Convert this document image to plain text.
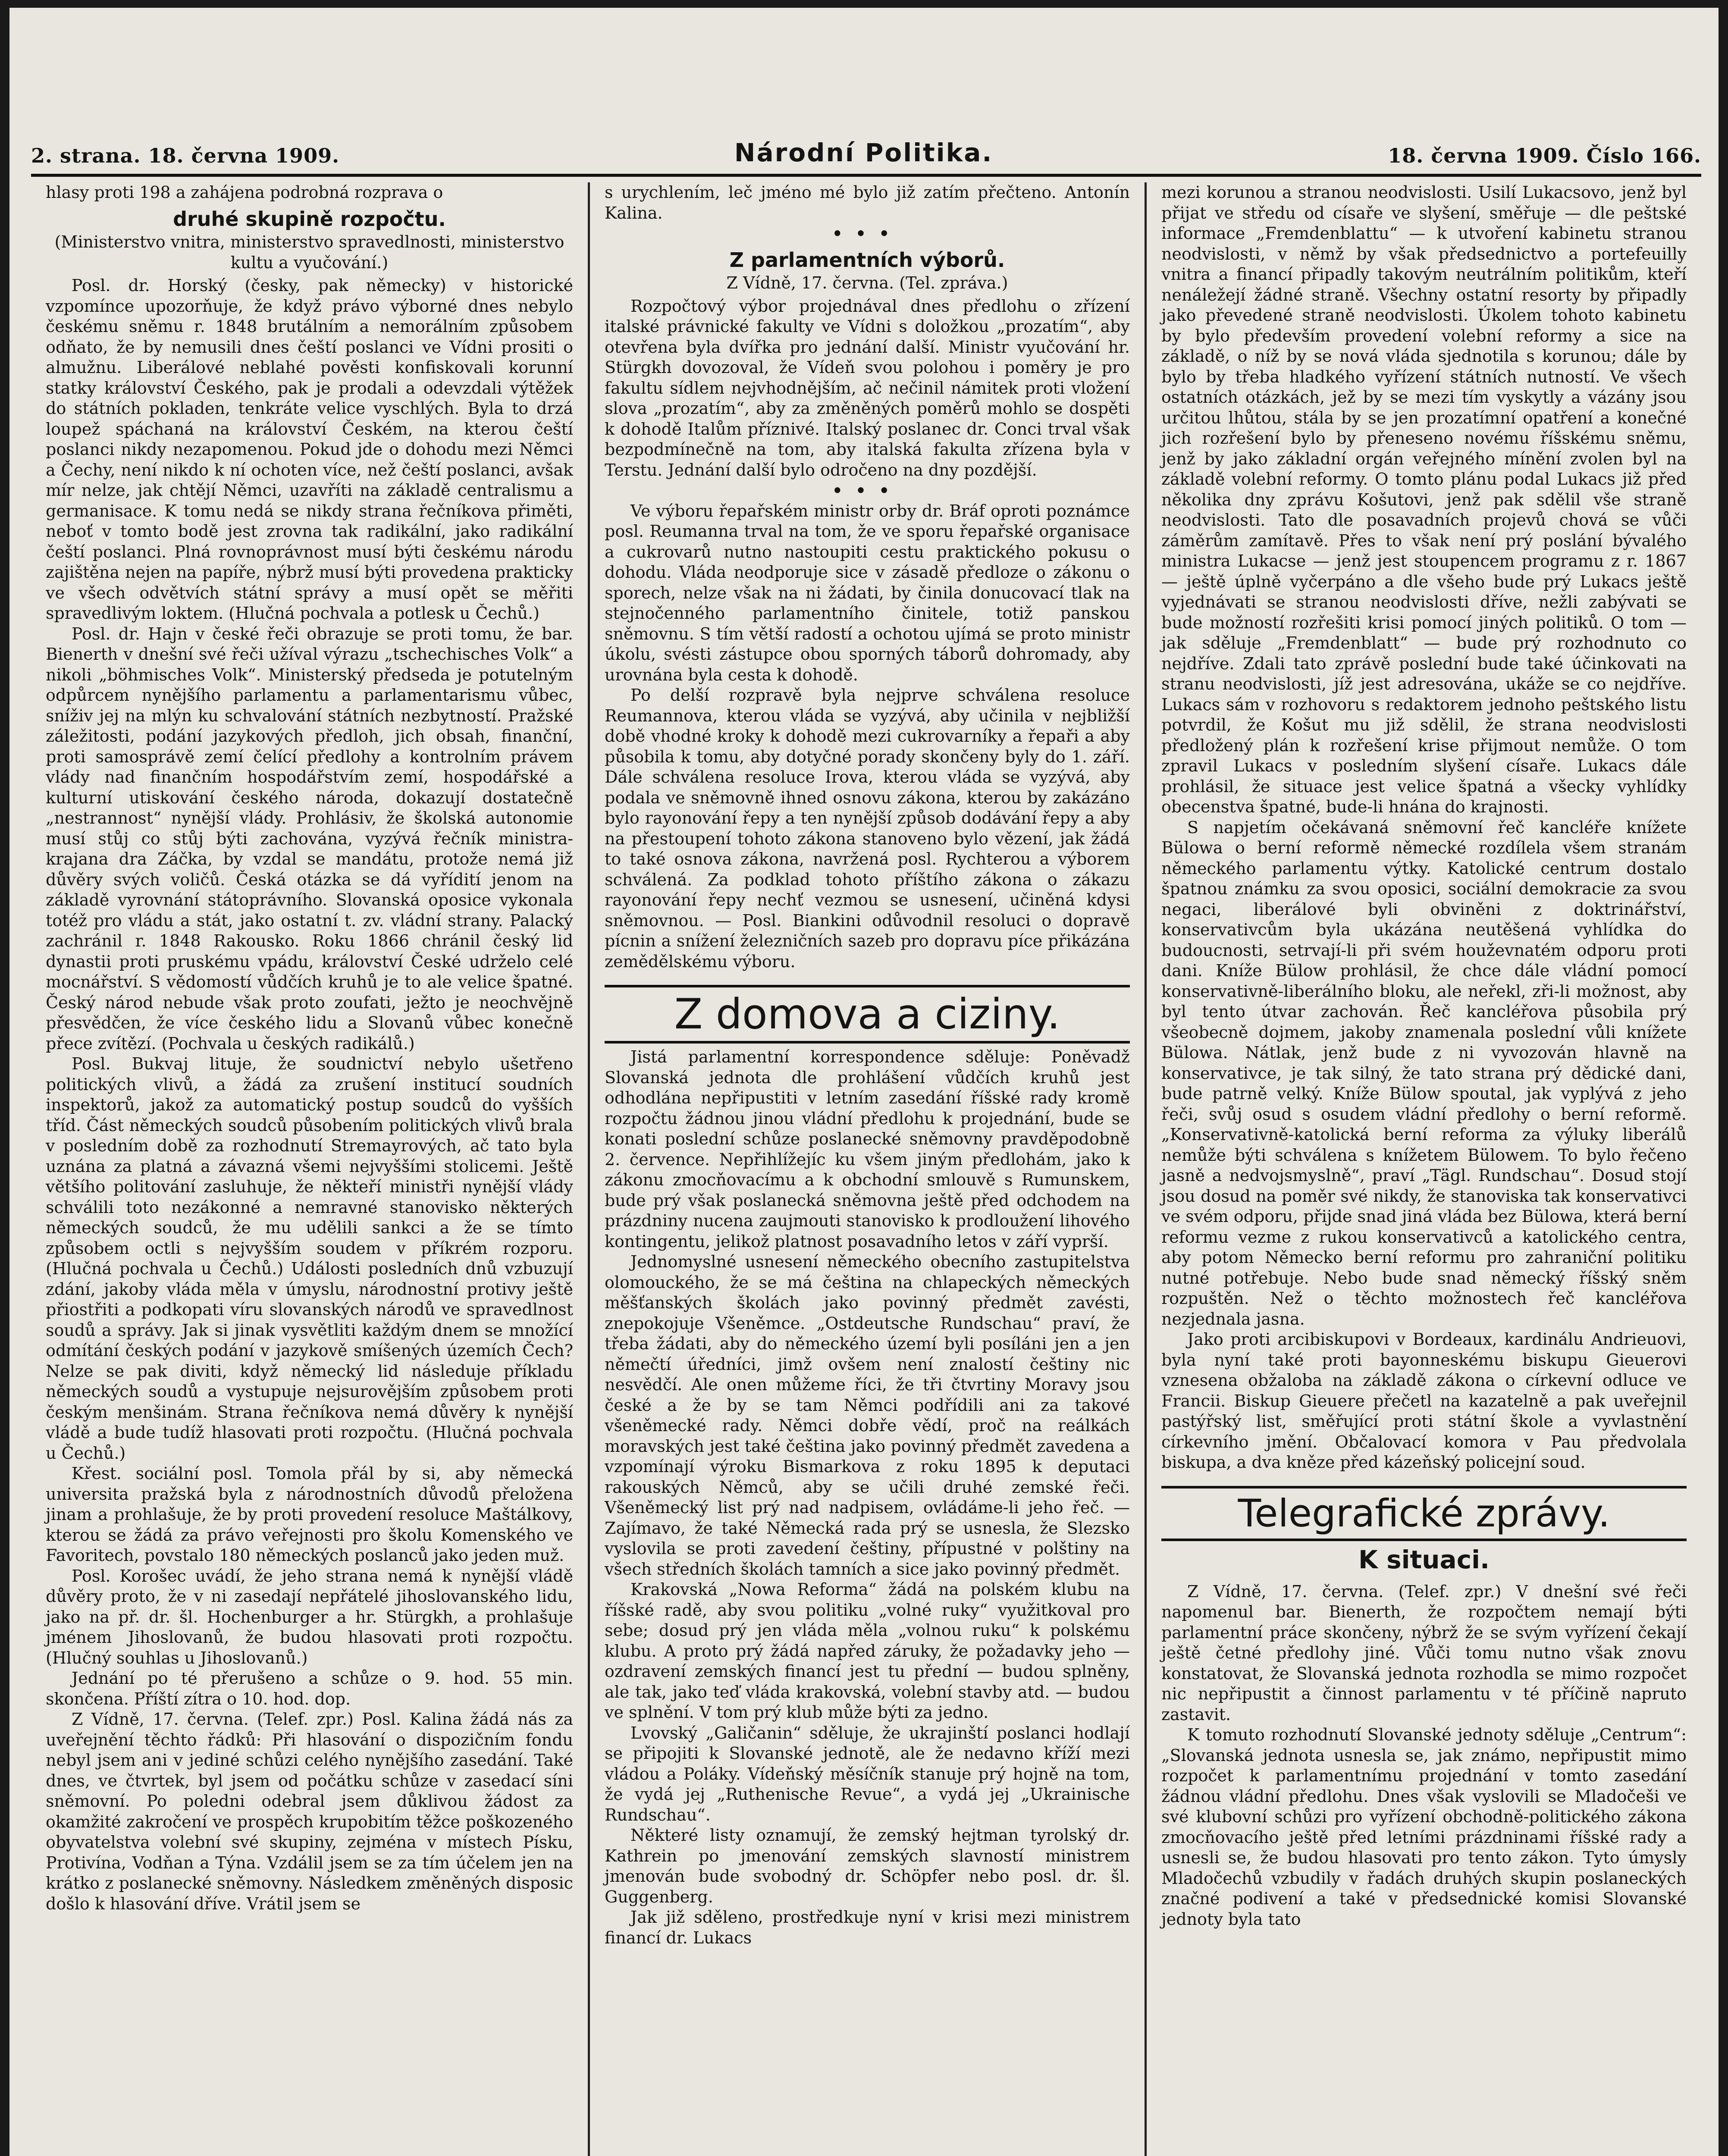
2. strana. 18. června 1909.	Národní Politika.	18. června 1909. Číslo 166.

hlasy proti 198 a zahájena podrobná rozprava o

druhé skupině rozpočtu.

(Ministerstvo vnitra, ministerstvo spravedlnosti, ministerstvo kultu a vyučování.)

Posl. dr. Horský (česky, pak německy) v historické vzpomínce upozorňuje, že když právo výborné dnes nebylo českému sněmu r. 1848 brutálním a nemorálním způsobem odňato, že by nemusili dnes čeští poslanci ve Vídni prositi o almužnu. Liberálové neblahé pověsti konfiskovali korunní statky království Českého, pak je prodali a odevzdali výtěžek do státních pokladen, tenkráte velice vyschlých. Byla to drzá loupež spáchaná na království Českém, na kterou čeští poslanci nikdy nezapomenou. Pokud jde o dohodu mezi Němci a Čechy, není nikdo k ní ochoten více, než čeští poslanci, avšak mír nelze, jak chtějí Němci, uzavříti na základě centralismu a germanisace. K tomu nedá se nikdy strana řečníkova přiměti, neboť v tomto bodě jest zrovna tak radikální, jako radikální čeští poslanci. Plná rovnoprávnost musí býti českému národu zajištěna nejen na papíře, nýbrž musí býti provedena prakticky ve všech odvětvích státní správy a musí opět se měřiti spravedlivým loktem. (Hlučná pochvala a potlesk u Čechů.)

Posl. dr. Hajn v české řeči obrazuje se proti tomu, že bar. Bienerth v dnešní své řeči užíval výrazu „tschechisches Volk“ a nikoli „böhmisches Volk“. Ministerský předseda je potutelným odpůrcem nynějšího parlamentu a parlamentarismu vůbec, sníživ jej na mlýn ku schvalování státních nezbytností. Pražské záležitosti, podání jazykových předloh, jich obsah, finanční, proti samosprávě zemí čelící předlohy a kontrolním právem vlády nad finančním hospodářstvím zemí, hospodářské a kulturní utiskování českého národa, dokazují dostatečně „nestrannost“ nynější vlády. Prohlásiv, že školská autonomie musí stůj co stůj býti zachována, vyzývá řečník ministra-krajana dra Záčka, by vzdal se mandátu, protože nemá již důvěry svých voličů. Česká otázka se dá vyřídití jenom na základě vyrovnání státoprávního. Slovanská oposice vykonala totéž pro vládu a stát, jako ostatní t. zv. vládní strany. Palacký zachránil r. 1848 Rakousko. Roku 1866 chránil český lid dynastii proti pruskému vpádu, království České udrželo celé mocnářství. S vědomostí vůdčích kruhů je to ale velice špatné. Český národ nebude však proto zoufati, ježto je neochvějně přesvědčen, že více českého lidu a Slovanů vůbec konečně přece zvítězí. (Pochvala u českých radikálů.)

Posl. Bukvaj lituje, že soudnictví nebylo ušetřeno politických vlivů, a žádá za zrušení institucí soudních inspektorů, jakož za automatický postup soudců do vyšších tříd. Část německých soudců působením politických vlivů brala v posledním době za rozhodnutí Stremayrových, ač tato byla uznána za platná a závazná všemi nejvyššími stolicemi. Ještě většího politování zasluhuje, že někteří ministři nynější vlády schválili toto nezákonné a nemravné stanovisko některých německých soudců, že mu udělili sankci a že se tímto způsobem octli s nejvyšším soudem v příkrém rozporu. (Hlučná pochvala u Čechů.) Události posledních dnů vzbuzují zdání, jakoby vláda měla v úmyslu, národnostní protivy ještě přiostřiti a podkopati víru slovanských národů ve spravedlnost soudů a správy. Jak si jinak vysvětliti každým dnem se množící odmítání českých podání v jazykově smíšených územích Čech? Nelze se pak diviti, když německý lid následuje příkladu německých soudů a vystupuje nejsurovějším způsobem proti českým menšinám. Strana řečníkova nemá důvěry k nynější vládě a bude tudíž hlasovati proti rozpočtu. (Hlučná pochvala u Čechů.)

Křest. sociální posl. Tomola přál by si, aby německá universita pražská byla z národnostních důvodů přeložena jinam a prohlašuje, že by proti provedení resoluce Maštálkovy, kterou se žádá za právo veřejnosti pro školu Komenského ve Favoritech, povstalo 180 německých poslanců jako jeden muž.

Posl. Korošec uvádí, že jeho strana nemá k nynější vládě důvěry proto, že v ni zasedají nepřátelé jihoslovanského lidu, jako na př. dr. šl. Hochenburger a hr. Stürgkh, a prohlašuje jménem Jihoslovanů, že budou hlasovati proti rozpočtu. (Hlučný souhlas u Jihoslovanů.)

Jednání po té přerušeno a schůze o 9. hod. 55 min. skončena. Příští zítra o 10. hod. dop.

Z Vídně, 17. června. (Telef. zpr.) Posl. Kalina žádá nás za uveřejnění těchto řádků: Při hlasování o dispozičním fondu nebyl jsem ani v jediné schůzi celého nynějšího zasedání. Také dnes, ve čtvrtek, byl jsem od počátku schůze v zasedací síni sněmovní. Po poledni odebral jsem důklivou žádost za okamžité zakročení ve prospěch krupobitím těžce poškozeného obyvatelstva volební své skupiny, zejména v místech Písku, Protivína, Vodňan a Týna. Vzdálil jsem se za tím účelem jen na krátko z poslanecké sněmovny. Následkem změněných disposic došlo k hlasování dříve. Vrátil jsem se

s urychlením, leč jméno mé bylo již zatím přečteno. Antonín Kalina.

•••
Z parlamentních výborů.

Z Vídně, 17. června. (Tel. zpráva.)

Rozpočtový výbor projednával dnes předlohu o zřízení italské právnické fakulty ve Vídni s doložkou „prozatím“, aby otevřena byla dvířka pro jednání další. Ministr vyučování hr. Stürgkh dovozoval, že Vídeň svou polohou i poměry je pro fakultu sídlem nejvhodnějším, ač nečinil námitek proti vložení slova „prozatím“, aby za změněných poměrů mohlo se dospěti k dohodě Italům příznivé. Italský poslanec dr. Conci trval však bezpodmínečně na tom, aby italská fakulta zřízena byla v Terstu. Jednání další bylo odročeno na dny pozdější.

•••

Ve výboru řepařském ministr orby dr. Bráf oproti poznámce posl. Reumanna trval na tom, že ve sporu řepařské organisace a cukrovarů nutno nastoupiti cestu praktického pokusu o dohodu. Vláda neodporuje sice v zásadě předloze o zákonu o sporech, nelze však na ni žádati, by činila donucovací tlak na stejnočenného parlamentního činitele, totiž panskou sněmovnu. S tím větší radostí a ochotou ujímá se proto ministr úkolu, svésti zástupce obou sporných táborů dohromady, aby urovnána byla cesta k dohodě.

Po delší rozpravě byla nejprve schválena resoluce Reumannova, kterou vláda se vyzývá, aby učinila v nejbližší době vhodné kroky k dohodě mezi cukrovarníky a řepaři a aby působila k tomu, aby dotyčné porady skončeny byly do 1. září. Dále schválena resoluce Irova, kterou vláda se vyzývá, aby podala ve sněmovně ihned osnovu zákona, kterou by zakázáno bylo rayonování řepy a ten nynější způsob dodávání řepy a aby na přestoupení tohoto zákona stanoveno bylo vězení, jak žádá to také osnova zákona, navržená posl. Rychterou a výborem schválená. Za podklad tohoto příštího zákona o zákazu rayonování řepy nechť vezmou se usnesení, učiněná kdysi sněmovnou. — Posl. Biankini odůvodnil resoluci o dopravě pícnin a snížení železničních sazeb pro dopravu píce přikázána zemědělskému výboru.

Z domova a ciziny.

Jistá parlamentní korrespondence sděluje: Poněvadž Slovanská jednota dle prohlášení vůdčích kruhů jest odhodlána nepřipustiti v letním zasedání říšské rady kromě rozpočtu žádnou jinou vládní předlohu k projednání, bude se konati poslední schůze poslanecké sněmovny pravděpodobně 2. července. Nepřihlížejíc ku všem jiným předlohám, jako k zákonu zmocňovacímu a k obchodní smlouvě s Rumunskem, bude prý však poslanecká sněmovna ještě před odchodem na prázdniny nucena zaujmouti stanovisko k prodloužení lihového kontingentu, jelikož platnost posavadního letos v září vyprší.

Jednomyslné usnesení německého obecního zastupitelstva olomouckého, že se má čeština na chlapeckých německých měšťanských školách jako povinný předmět zavésti, znepokojuje Všeněmce. „Ostdeutsche Rundschau“ praví, že třeba žádati, aby do německého území byli posíláni jen a jen němečtí úředníci, jimž ovšem není znalostí češtiny nic nesvědčí. Ale onen můžeme říci, že tři čtvrtiny Moravy jsou české a že by se tam Němci podřídili ani za takové všeněmecké rady. Němci dobře vědí, proč na reálkách moravských jest také čeština jako povinný předmět zavedena a vzpomínají výroku Bismarkova z roku 1895 k deputaci rakouských Němců, aby se učili druhé zemské řeči. Všeněmecký list prý nad nadpisem, ovládáme-li jeho řeč. — Zajímavo, že také Německá rada prý se usnesla, že Slezsko vyslovila se proti zavedení češtiny, přípustné v polštiny na všech středních školách tamních a sice jako povinný předmět.

Krakovská „Nowa Reforma“ žádá na polském klubu na říšské radě, aby svou politiku „volné ruky“ využitkoval pro sebe; dosud prý jen vláda měla „volnou ruku“ k polskému klubu. A proto prý žádá napřed záruky, že požadavky jeho — ozdravení zemských financí jest tu přední — budou splněny, ale tak, jako teď vláda krakovská, volební stavby atd. — budou ve splnění. V tom prý klub může býti za jedno.

Lvovský „Galičanin“ sděluje, že ukrajinští poslanci hodlají se připojiti k Slovanské jednotě, ale že nedavno kříží mezi vládou a Poláky. Vídeňský měsíčník stanuje prý hojně na tom, že vydá jej „Ruthenische Revue“, a vydá jej „Ukrainische Rundschau“.

Některé listy oznamují, že zemský hejtman tyrolský dr. Kathrein po jmenování zemských slavností ministrem jmenován bude svobodný dr. Schöpfer nebo posl. dr. šl. Guggenberg.

Jak již sděleno, prostředkuje nyní v krisi mezi ministrem financí dr. Lukacs

mezi korunou a stranou neodvislosti. Usilí Lukacsovo, jenž byl přijat ve středu od císaře ve slyšení, směřuje — dle peštské informace „Fremdenblattu“ — k utvoření kabinetu stranou neodvislosti, v němž by však předsednictvo a portefeuilly vnitra a financí připadly takovým neutrálním politikům, kteří nenáležejí žádné straně. Všechny ostatní resorty by připadly jako převedené straně neodvislosti. Úkolem tohoto kabinetu by bylo především provedení volební reformy a sice na základě, o níž by se nová vláda sjednotila s korunou; dále by bylo by třeba hladkého vyřízení státních nutností. Ve všech ostatních otázkách, jež by se mezi tím vyskytly a vázány jsou určitou lhůtou, stála by se jen prozatímní opatření a konečné jich rozřešení bylo by přeneseno novému říšskému sněmu, jenž by jako základní orgán veřejného mínění zvolen byl na základě volební reformy. O tomto plánu podal Lukacs již před několika dny zprávu Košutovi, jenž pak sdělil vše straně neodvislosti. Tato dle posavadních projevů chová se vůči záměrům zamítavě. Přes to však není prý poslání bývalého ministra Lukacse — jenž jest stoupencem programu z r. 1867 — ještě úplně vyčerpáno a dle všeho bude prý Lukacs ještě vyjednávati se stranou neodvislosti dříve, nežli zabývati se bude možností rozřešiti krisi pomocí jiných politiků. O tom — jak sděluje „Fremdenblatt“ — bude prý rozhodnuto co nejdříve. Zdali tato zprávě poslední bude také účinkovati na stranu neodvislosti, jíž jest adresována, ukáže se co nejdříve. Lukacs sám v rozhovoru s redaktorem jednoho peštského listu potvrdil, že Košut mu již sdělil, že strana neodvislosti předložený plán k rozřešení krise přijmout nemůže. O tom zpravil Lukacs v posledním slyšení císaře. Lukacs dále prohlásil, že situace jest velice špatná a všecky vyhlídky obecenstva špatné, bude-li hnána do krajnosti.

S napjetím očekávaná sněmovní řeč kancléře knížete Bülowa o berní reformě německé rozdílela všem stranám německého parlamentu výtky. Katolické centrum dostalo špatnou známku za svou oposici, sociální demokracie za svou negaci, liberálové byli obviněni z doktrinářství, konservativcům byla ukázána neutěšená vyhlídka do budoucnosti, setrvají-li při svém houževnatém odporu proti dani. Kníže Bülow prohlásil, že chce dále vládní pomocí konservativně-liberálního bloku, ale neřekl, zři-li možnost, aby byl tento útvar zachován. Řeč kancléřova působila prý všeobecně dojmem, jakoby znamenala poslední vůli knížete Bülowa. Nátlak, jenž bude z ni vyvozován hlavně na konservativce, je tak silný, že tato strana prý dědické dani, bude patrně velký. Kníže Bülow spoutal, jak vyplývá z jeho řeči, svůj osud s osudem vládní předlohy o berní reformě. „Konservativně-katolická berní reforma za výluky liberálů nemůže býti schválena s knížetem Bülowem. To bylo řečeno jasně a nedvojsmyslně“, praví „Tägl. Rundschau“. Dosud stojí jsou dosud na poměr své nikdy, že stanoviska tak konservativci ve svém odporu, přijde snad jiná vláda bez Bülowa, která berní reformu vezme z rukou konservativců a katolického centra, aby potom Německo berní reformu pro zahraniční politiku nutné potřebuje. Nebo bude snad německý říšský sněm rozpuštěn. Než o těchto možnostech řeč kancléřova nezjednala jasna.

Jako proti arcibiskupovi v Bordeaux, kardinálu Andrieuovi, byla nyní také proti bayonneskému biskupu Gieuerovi vznesena obžaloba na základě zákona o církevní odluce ve Francii. Biskup Gieuere přečetl na kazatelně a pak uveřejnil pastýřský list, směřující proti státní škole a vyvlastnění církevního jmění. Občalovací komora v Pau předvolala biskupa, a dva kněze před kázeňský policejní soud.

Telegrafické zprávy.
K situaci.

Z Vídně, 17. června. (Telef. zpr.) V dnešní své řeči napomenul bar. Bienerth, že rozpočtem nemají býti parlamentní práce skončeny, nýbrž že se svým vyřízení čekají ještě četné předlohy jiné. Vůči tomu nutno však znovu konstatovat, že Slovanská jednota rozhodla se mimo rozpočet nic nepřipustit a činnost parlamentu v té příčině napruto zastavit.

K tomuto rozhodnutí Slovanské jednoty sděluje „Centrum“: „Slovanská jednota usnesla se, jak známo, nepřipustit mimo rozpočet k parlamentnímu projednání v tomto zasedání žádnou vládní předlohu. Dnes však vyslovili se Mladočeši ve své klubovní schůzi pro vyřízení obchodně-politického zákona zmocňovacího ještě před letními prázdninami říšské rady a usnesli se, že budou hlasovati pro tento zákon. Tyto úmysly Mladočechů vzbudily v řadách druhých skupin poslaneckých značné podivení a také v předsednické komisi Slovanské jednoty byla tato
